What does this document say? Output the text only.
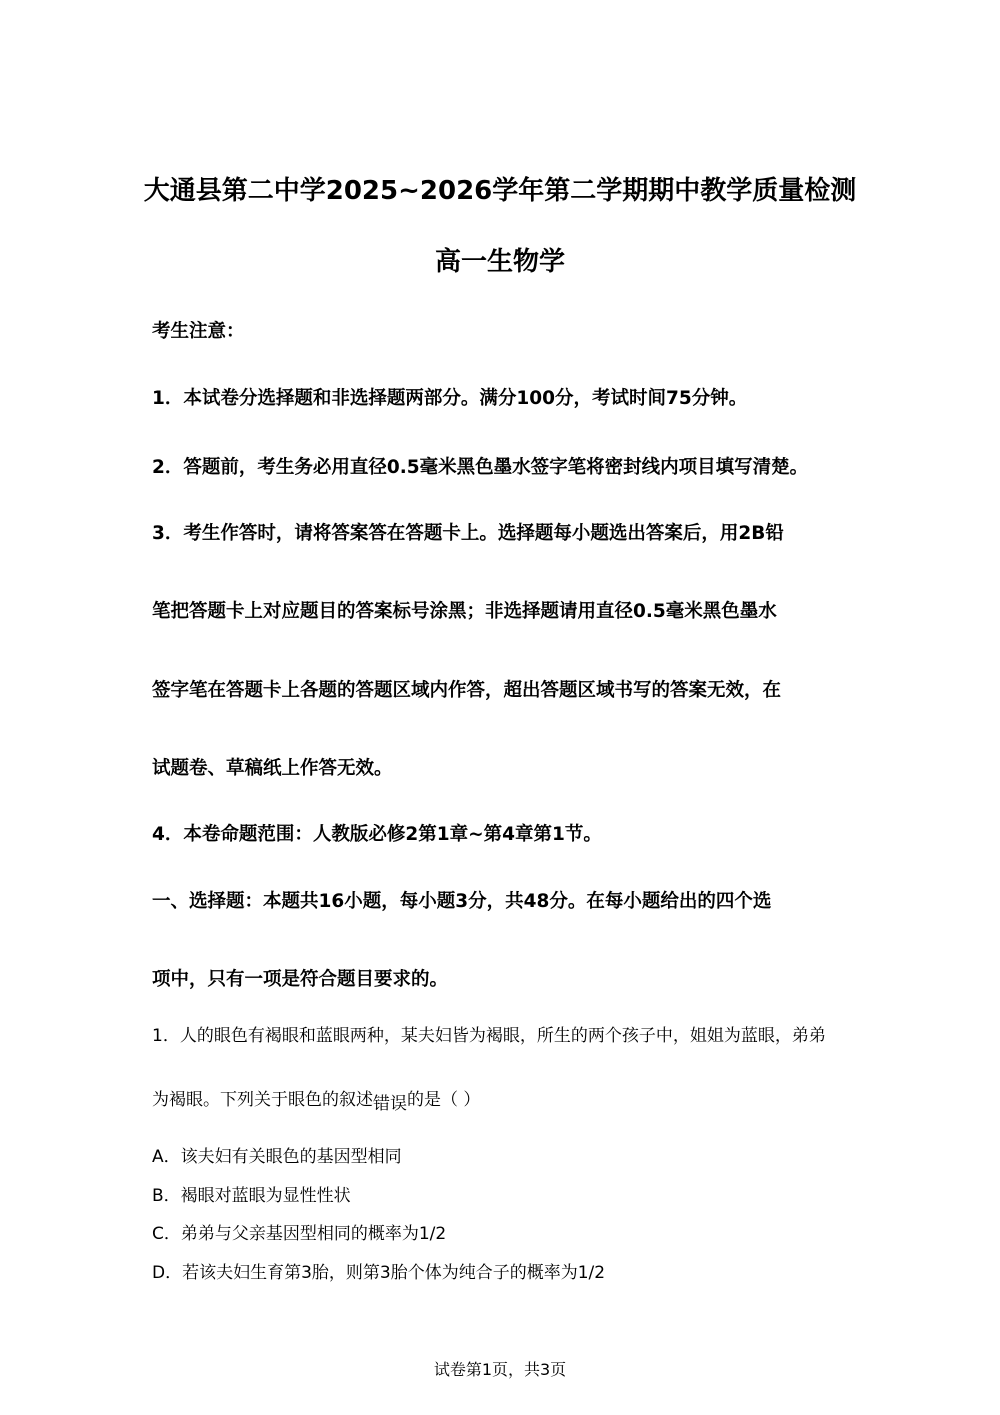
大通县第二中学2025~2026学年第二学期期中教学质量检测
高一生物学
考生注意：
1．本试卷分选择题和非选择题两部分。满分100分，考试时间75分钟。
2．答题前，考生务必用直径0.5毫米黑色墨水签字笔将密封线内项目填写清楚。
3．考生作答时，请将答案答在答题卡上。选择题每小题选出答案后，用2B铅
笔把答题卡上对应题目的答案标号涂黑；非选择题请用直径0.5毫米黑色墨水
签字笔在答题卡上各题的答题区域内作答，超出答题区域书写的答案无效，在
试题卷、草稿纸上作答无效。
4．本卷命题范围：人教版必修2第1章~第4章第1节。
一、选择题：本题共16小题，每小题3分，共48分。在每小题给出的四个选
项中，只有一项是符合题目要求的。
1．人的眼色有褐眼和蓝眼两种，某夫妇皆为褐眼，所生的两个孩子中，姐姐为蓝眼，弟弟
为褐眼。下列关于眼色的叙述错误的是（ ）
A．该夫妇有关眼色的基因型相同
B．褐眼对蓝眼为显性性状
C．弟弟与父亲基因型相同的概率为1/2
D．若该夫妇生育第3胎，则第3胎个体为纯合子的概率为1/2
试卷第1页，共3页
